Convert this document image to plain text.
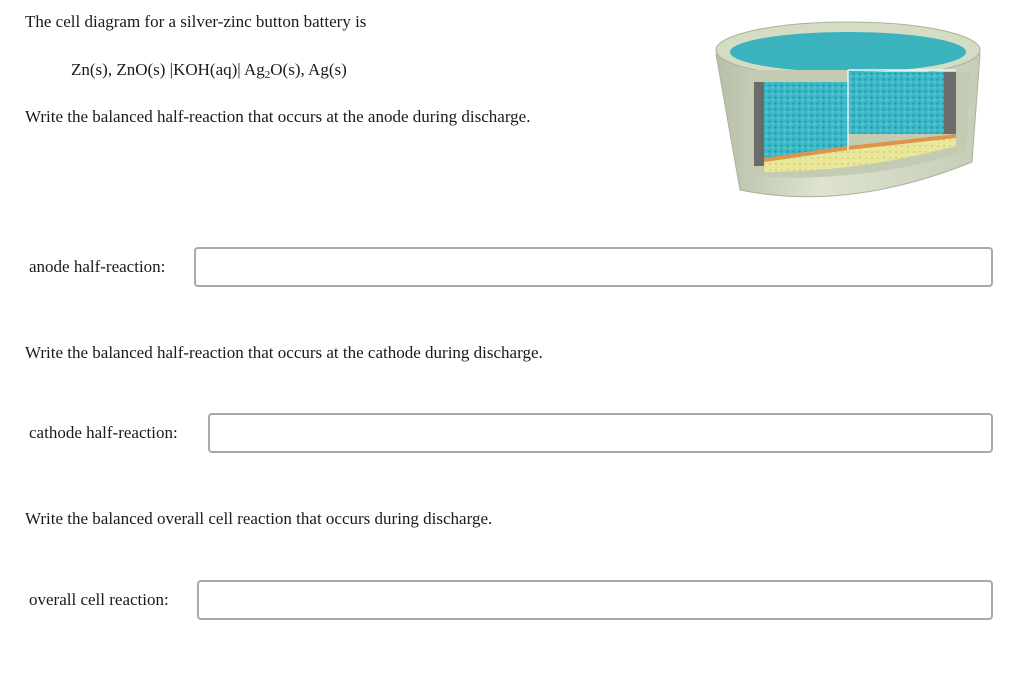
The cell diagram for a silver-zinc button battery is
Zn(s), ZnO(s) |KOH(aq)| $Ag_2O(s)$, Ag(s)
Write the balanced half-reaction that occurs at the anode during discharge.
anode half-reaction:
Write the balanced half-reaction that occurs at the cathode during discharge.
cathode half-reaction:
Write the balanced overall cell reaction that occurs during discharge.
overall cell reaction:
